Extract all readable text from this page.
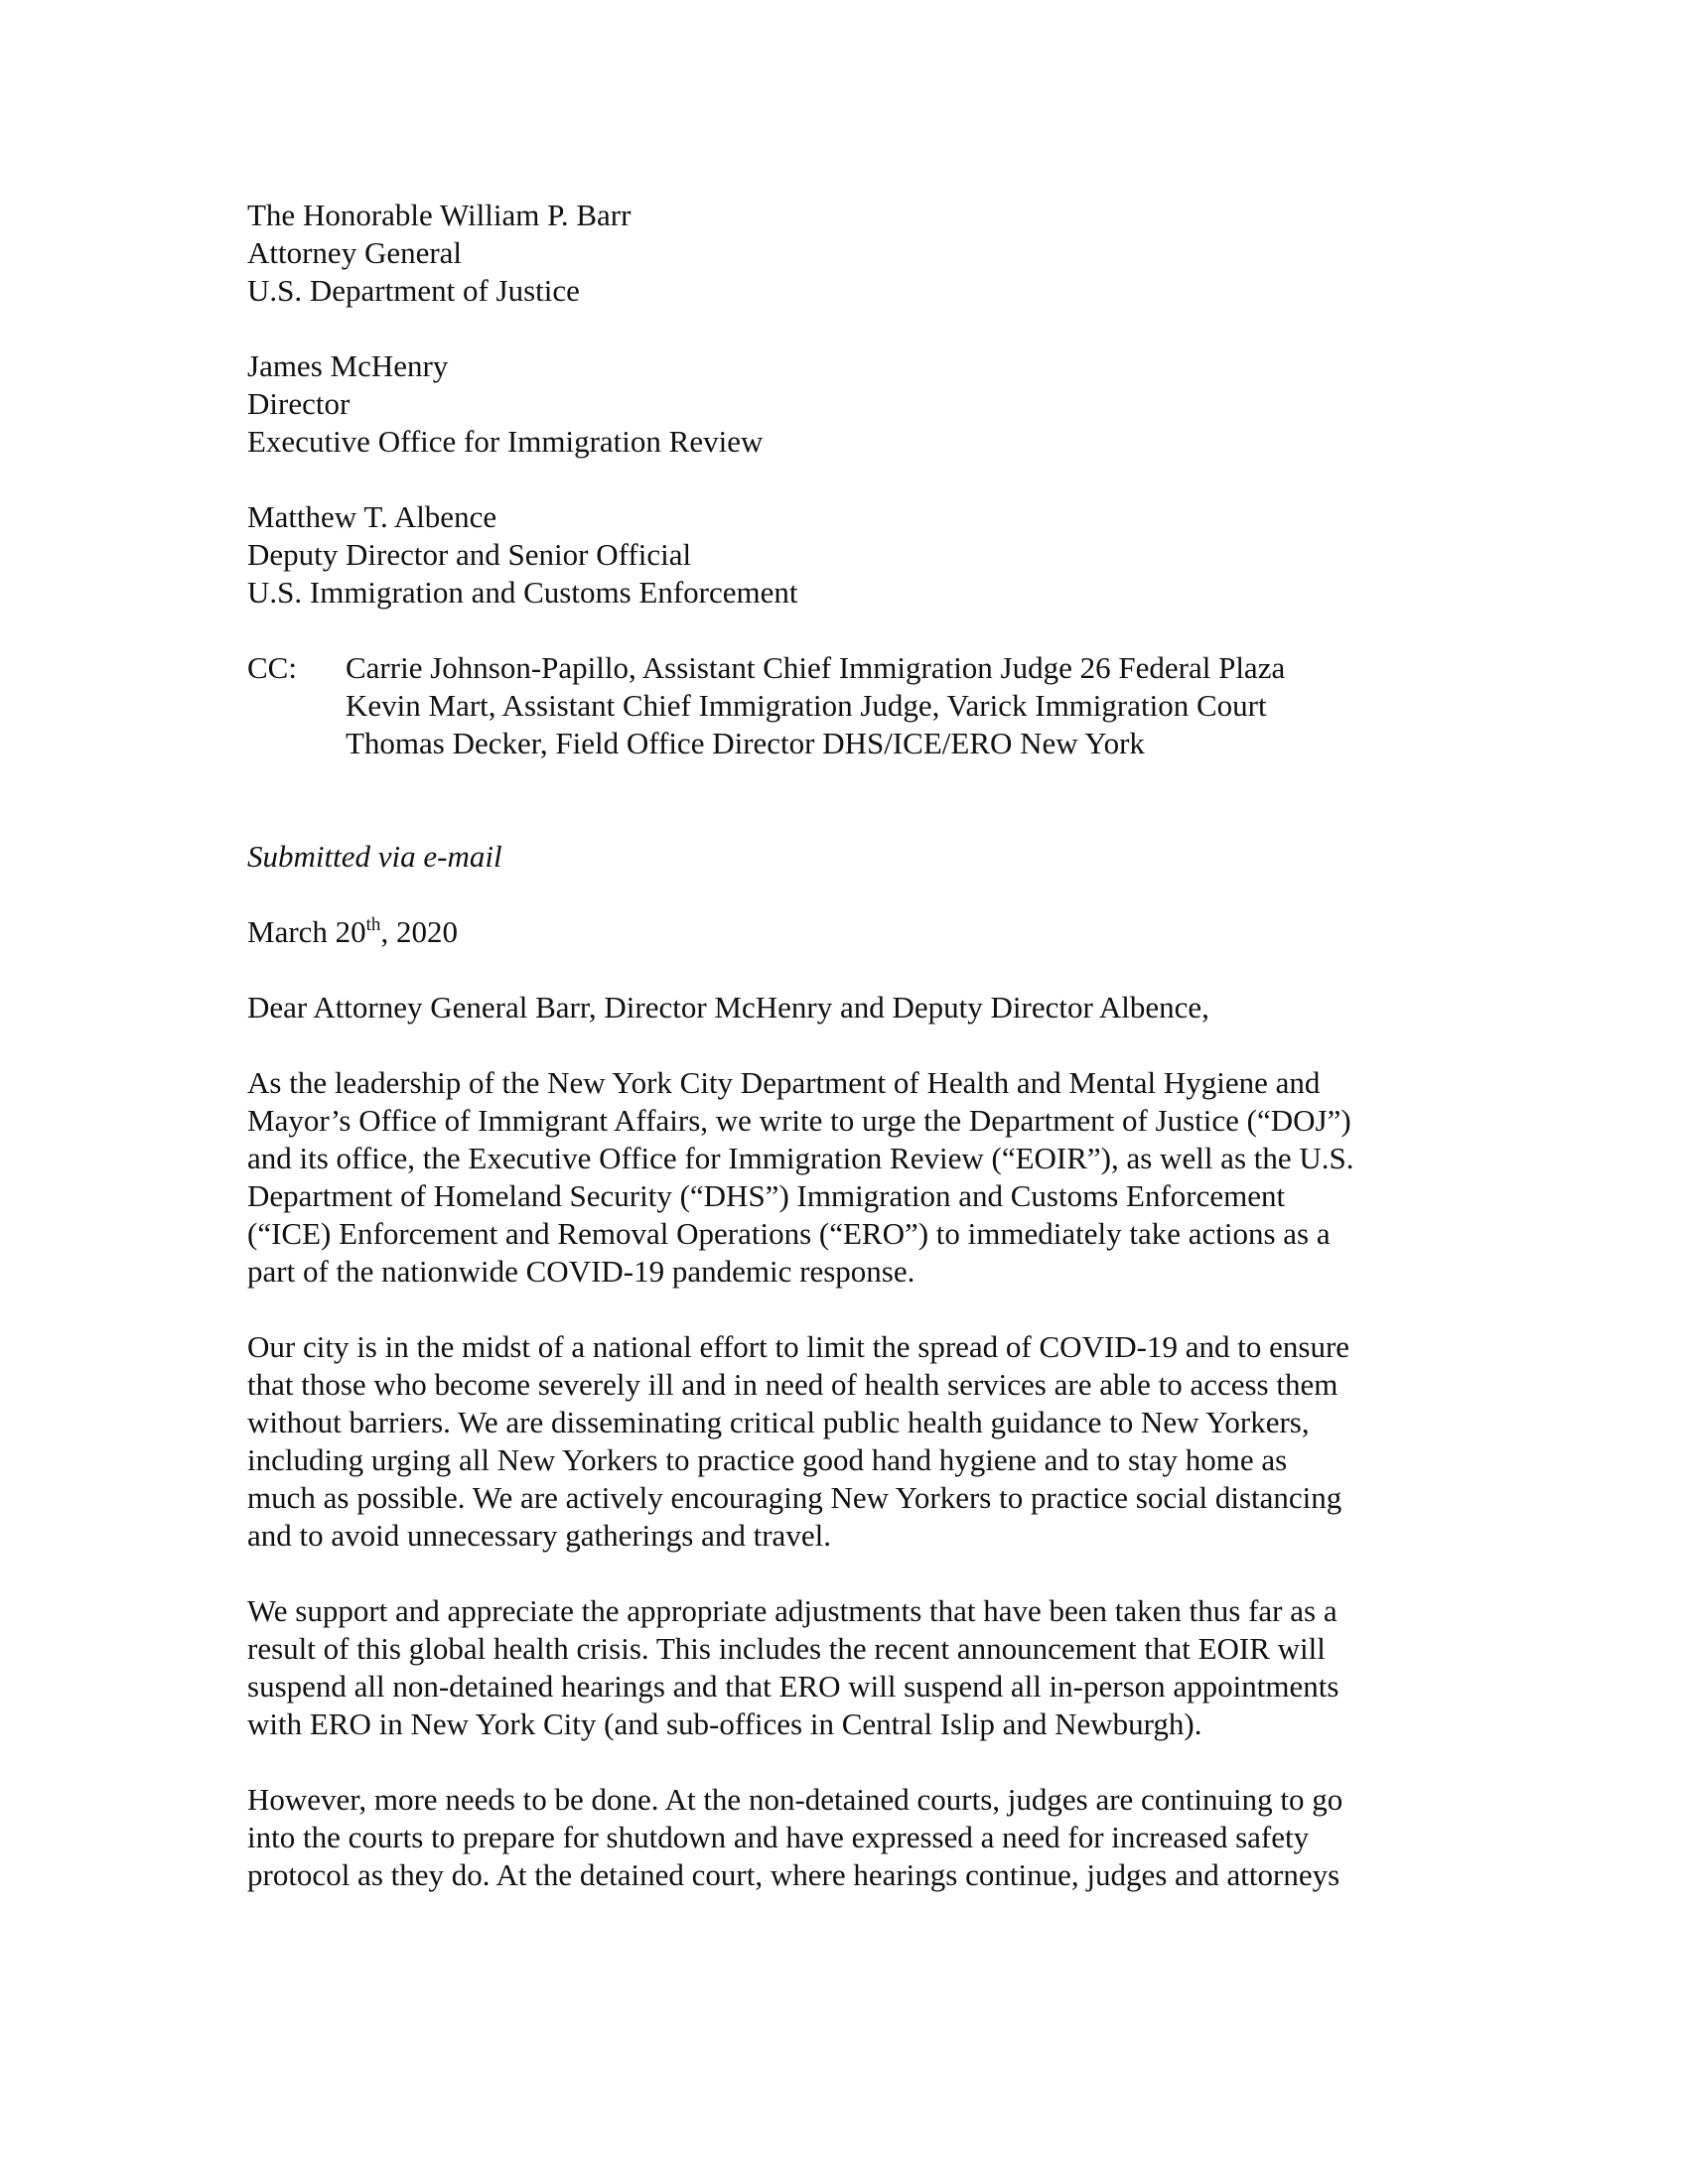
The Honorable William P. Barr
Attorney General
U.S. Department of Justice
James McHenry
Director
Executive Office for Immigration Review
Matthew T. Albence
Deputy Director and Senior Official
U.S. Immigration and Customs Enforcement
CC:	Carrie Johnson-Papillo, Assistant Chief Immigration Judge 26 Federal Plaza
Kevin Mart, Assistant Chief Immigration Judge, Varick Immigration Court
Thomas Decker, Field Office Director DHS/ICE/ERO New York
Submitted via e-mail
March 20th, 2020
Dear Attorney General Barr, Director McHenry and Deputy Director Albence,
As the leadership of the New York City Department of Health and Mental Hygiene and
Mayor’s Office of Immigrant Affairs, we write to urge the Department of Justice (“DOJ”)
and its office, the Executive Office for Immigration Review (“EOIR”), as well as the U.S.
Department of Homeland Security (“DHS”) Immigration and Customs Enforcement
(“ICE) Enforcement and Removal Operations (“ERO”) to immediately take actions as a
part of the nationwide COVID-19 pandemic response.
Our city is in the midst of a national effort to limit the spread of COVID-19 and to ensure
that those who become severely ill and in need of health services are able to access them
without barriers. We are disseminating critical public health guidance to New Yorkers,
including urging all New Yorkers to practice good hand hygiene and to stay home as
much as possible. We are actively encouraging New Yorkers to practice social distancing
and to avoid unnecessary gatherings and travel.
We support and appreciate the appropriate adjustments that have been taken thus far as a
result of this global health crisis. This includes the recent announcement that EOIR will
suspend all non-detained hearings and that ERO will suspend all in-person appointments
with ERO in New York City (and sub-offices in Central Islip and Newburgh).
However, more needs to be done. At the non-detained courts, judges are continuing to go
into the courts to prepare for shutdown and have expressed a need for increased safety
protocol as they do. At the detained court, where hearings continue, judges and attorneys
